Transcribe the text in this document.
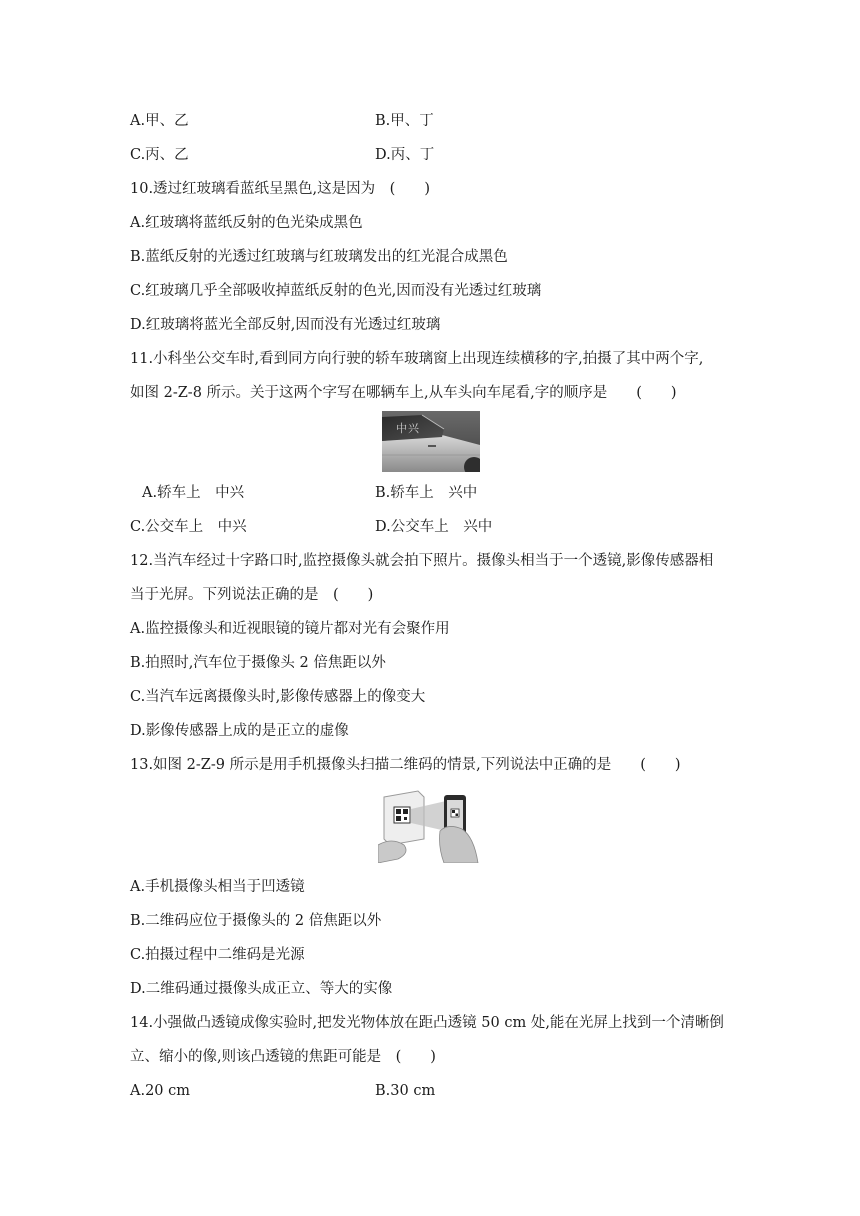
A.甲、乙	B.甲、丁
C.丙、乙	D.丙、丁
10.透过红玻璃看蓝纸呈黑色,这是因为　(　　)
A.红玻璃将蓝纸反射的色光染成黑色
B.蓝纸反射的光透过红玻璃与红玻璃发出的红光混合成黑色
C.红玻璃几乎全部吸收掉蓝纸反射的色光,因而没有光透过红玻璃
D.红玻璃将蓝光全部反射,因而没有光透过红玻璃
11.小科坐公交车时,看到同方向行驶的轿车玻璃窗上出现连续横移的字,拍摄了其中两个字,
如图 2-Z-8 所示。关于这两个字写在哪辆车上,从车头向车尾看,字的顺序是　　(　　)
中兴
A.轿车上　中兴	B.轿车上　兴中
C.公交车上　中兴	D.公交车上　兴中
12.当汽车经过十字路口时,监控摄像头就会拍下照片。摄像头相当于一个透镜,影像传感器相
当于光屏。下列说法正确的是　(　　)
A.监控摄像头和近视眼镜的镜片都对光有会聚作用
B.拍照时,汽车位于摄像头 2 倍焦距以外
C.当汽车远离摄像头时,影像传感器上的像变大
D.影像传感器上成的是正立的虚像
13.如图 2-Z-9 所示是用手机摄像头扫描二维码的情景,下列说法中正确的是　　(　　)
A.手机摄像头相当于凹透镜
B.二维码应位于摄像头的 2 倍焦距以外
C.拍摄过程中二维码是光源
D.二维码通过摄像头成正立、等大的实像
14.小强做凸透镜成像实验时,把发光物体放在距凸透镜 50 cm 处,能在光屏上找到一个清晰倒
立、缩小的像,则该凸透镜的焦距可能是　(　　)
A.20 cm	B.30 cm
